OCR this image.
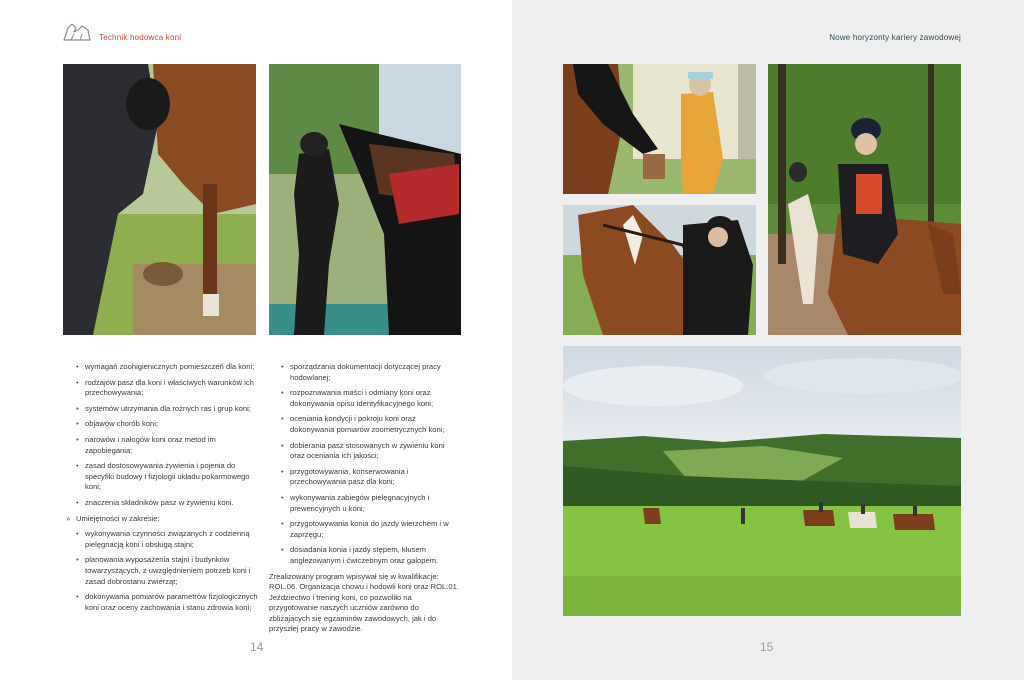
Technik hodowca koni	Nowe horyzonty kariery zawodowej
• wymagań zoohigienicznych pomieszczeń dla koni;
• rodzajów pasz dla koni i właściwych warunków ich przechowywania;
• systemów utrzymania dla rożnych ras i grup koni;
• objawów chorób koni;
• narowów i nałogów koni oraz metod im zapobiegania;
• zasad dostosowywania żywienia i pojenia do specyfiki budowy i fizjologii układu pokarmowego koni;
• znaczenia składników pasz w żywieniu koni.
» Umiejętności w zakresie:
• wykonywania czynności związanych z codzienną pielęgnacją koni i obsługą stajni;
• planowania wyposażenia stajni i budynków towarzyszących, z uwzględnieniem potrzeb koni i zasad dobrostanu zwierząt;
• dokonywania pomiarów parametrów fizjologicznych koni oraz oceny zachowania i stanu zdrowia koni;
• sporządzania dokumentacji dotyczącej pracy hodowlanej;
• rozpoznawania maści i odmiany koni oraz dokonywania opisu identyfikacyjnego koni;
• oceniania kondycji i pokroju koni oraz dokonywania pomiarów zoometrycznych koni;
• dobierania pasz stosowanych w żywieniu koni oraz oceniania ich jakości;
• przygotowywania, konserwowania i przechowywania pasz dla koni;
• wykonywania zabiegów pielęgnacyjnych i prewencyjnych u koni;
• przygotowywania konia do jazdy wierzchem i w zaprzęgu;
• dosiadania konia i jazdy stępem, kłusem anglezowanym i ćwiczebnym oraz galopem.

Zrealizowany program wpisywał się w kwalifikacje: ROL.06. Organizacja chowu i hodowli koni oraz ROL.01. Jeździectwo i trening koni, co pozwoliło na przygotowanie naszych uczniów zarówno do zbliżających się egzaminów zawodowych, jak i do przyszłej pracy w zawodzie.

14	15
